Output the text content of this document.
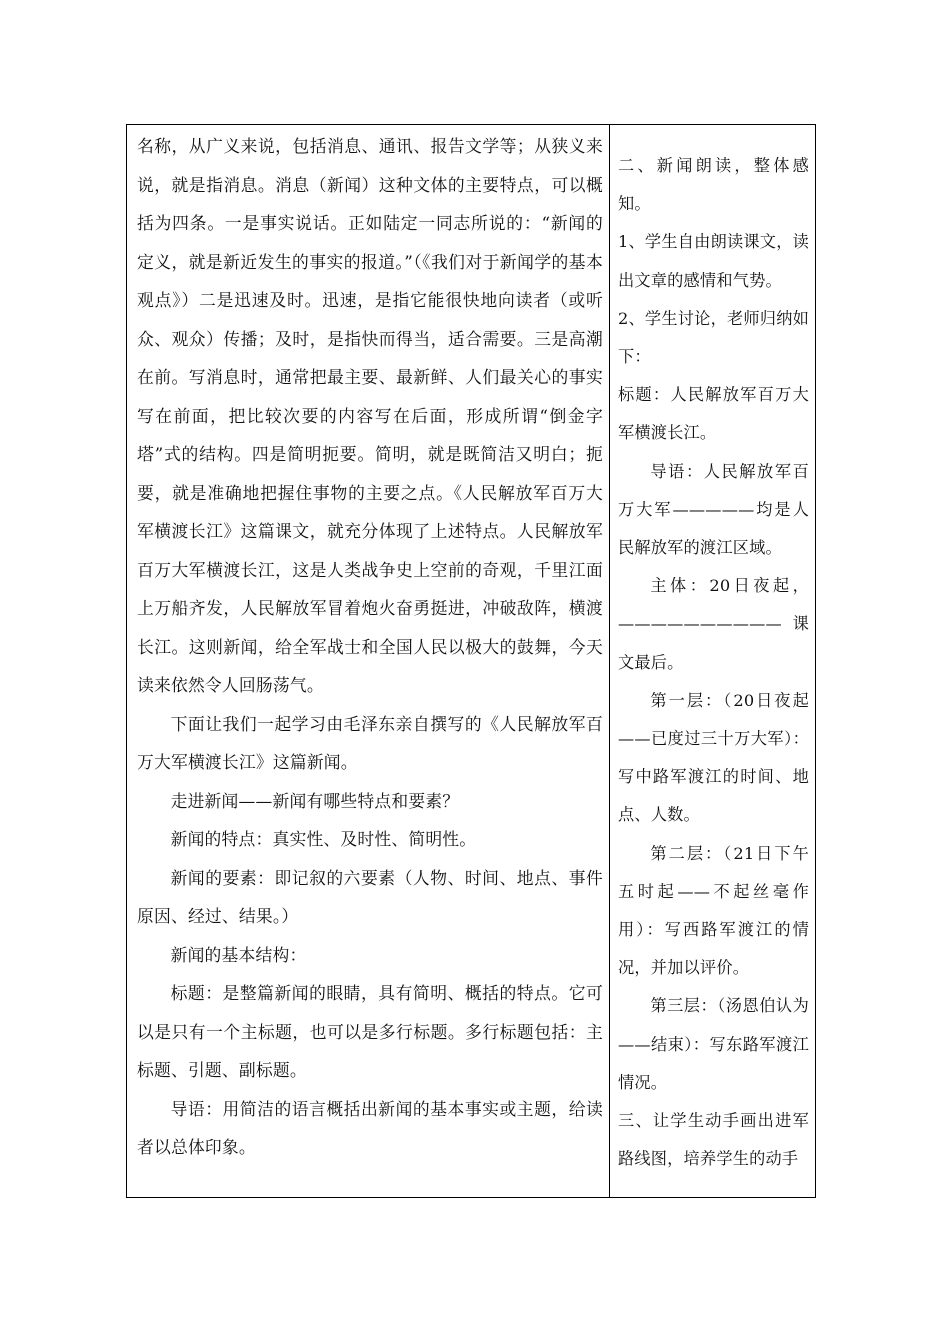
名称，从广义来说，包括消息、通讯、报告文学等；从狭义来说，就是指消息。消息（新闻）这种文体的主要特点，可以概括为四条。一是事实说话。正如陆定一同志所说的：“新闻的定义，就是新近发生的事实的报道。”（《我们对于新闻学的基本观点》）二是迅速及时。迅速，是指它能很快地向读者（或听众、观众）传播；及时，是指快而得当，适合需要。三是高潮在前。写消息时，通常把最主要、最新鲜、人们最关心的事实写在前面，把比较次要的内容写在后面，形成所谓“倒金字塔”式的结构。四是简明扼要。简明，就是既简洁又明白；扼要，就是准确地把握住事物的主要之点。《人民解放军百万大军横渡长江》这篇课文，就充分体现了上述特点。人民解放军百万大军横渡长江，这是人类战争史上空前的奇观，千里江面上万船齐发，人民解放军冒着炮火奋勇挺进，冲破敌阵，横渡长江。这则新闻，给全军战士和全国人民以极大的鼓舞，今天读来依然令人回肠荡气。

下面让我们一起学习由毛泽东亲自撰写的《人民解放军百万大军横渡长江》这篇新闻。

走进新闻——新闻有哪些特点和要素？

新闻的特点：真实性、及时性、简明性。

新闻的要素：即记叙的六要素（人物、时间、地点、事件原因、经过、结果。）

新闻的基本结构：

标题：是整篇新闻的眼睛，具有简明、概括的特点。它可以是只有一个主标题，也可以是多行标题。多行标题包括：主标题、引题、副标题。

导语：用简洁的语言概括出新闻的基本事实或主题，给读者以总体印象。

二、新闻朗读，整体感知。

1、学生自由朗读课文，读出文章的感情和气势。

2、学生讨论，老师归纳如下：

标题：人民解放军百万大军横渡长江。

导语：人民解放军百万大军—————均是人民解放军的渡江区域。

主体：20日夜起，——————————课文最后。

第一层：（20日夜起——已度过三十万大军）：写中路军渡江的时间、地点、人数。

第二层：（21日下午五时起——不起丝毫作用）：写西路军渡江的情况，并加以评价。

第三层：（汤恩伯认为——结束）：写东路军渡江情况。

三、让学生动手画出进军路线图，培养学生的动手
